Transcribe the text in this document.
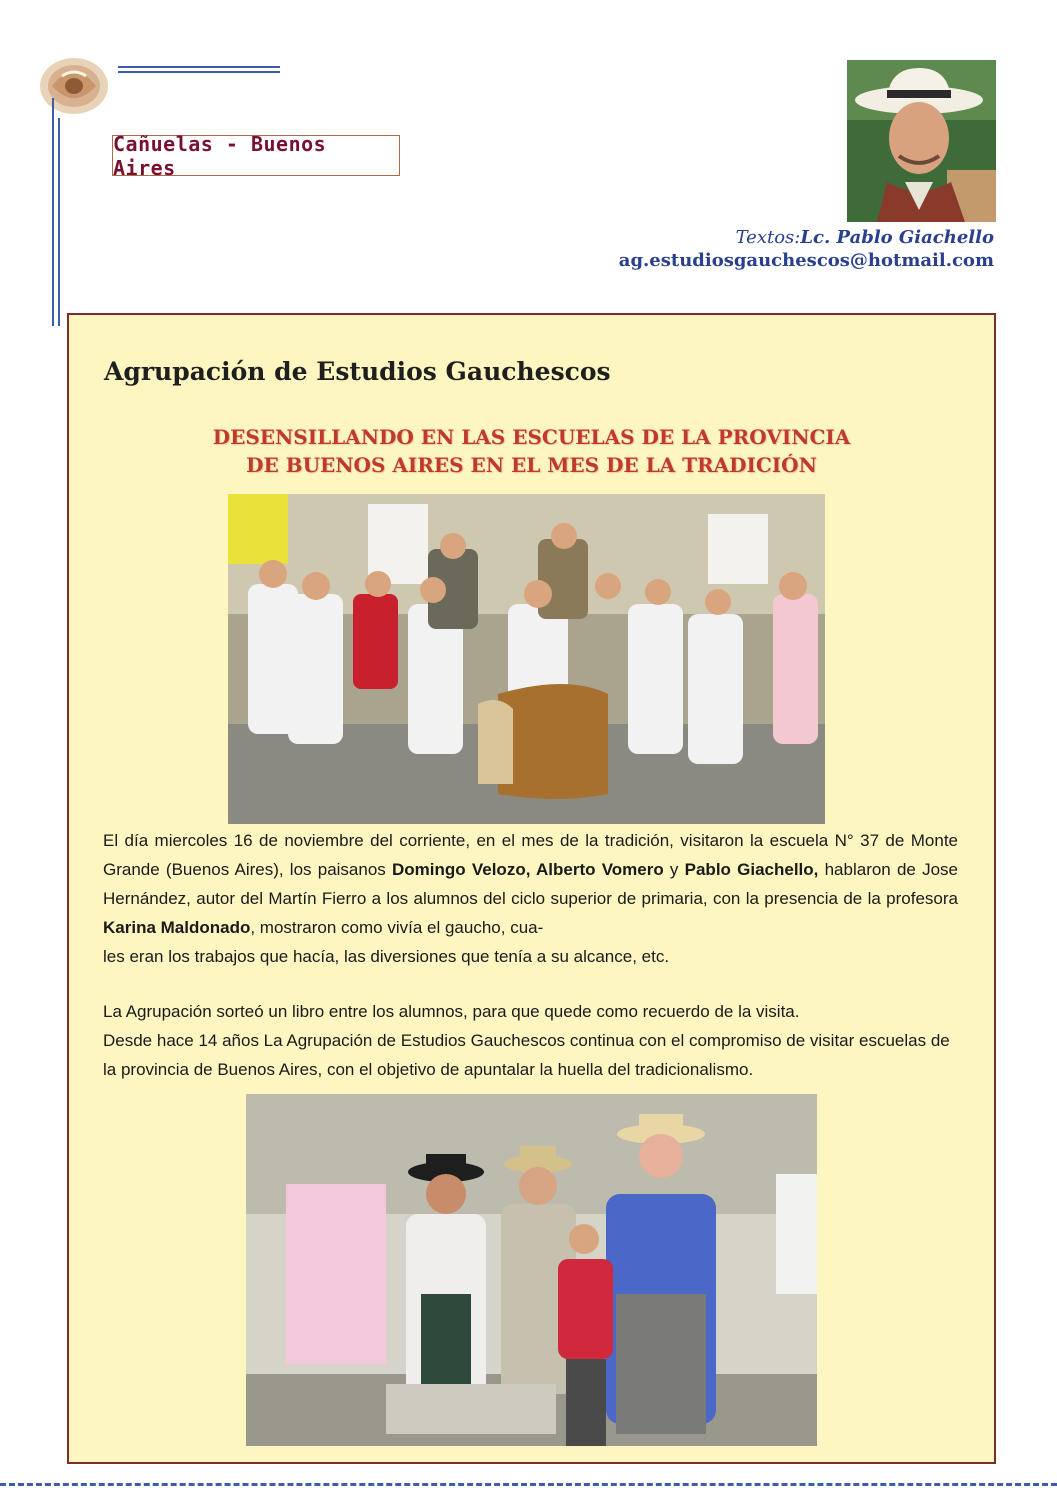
Cañuelas - Buenos Aires
Textos:Lc. Pablo Giachello
ag.estudiosgauchescos@hotmail.com
Agrupación de Estudios Gauchescos
DESENSILLANDO EN LAS ESCUELAS DE LA PROVINCIA
DE BUENOS AIRES EN EL MES DE LA TRADICIÓN

El día miercoles 16 de noviembre del corriente, en el mes de la tradición, visitaron la escuela N° 37 de Monte Grande (Buenos Aires), los paisanos Domingo Velozo, Alberto Vomero y Pablo Giachello, hablaron de Jose Hernández, autor del Martín Fierro a los alumnos del ciclo superior de primaria, con la presencia de la profesora Karina Maldonado, mostraron como vivía el gaucho, cua-
les eran los trabajos que hacía, las diversiones que tenía a su alcance, etc.

La Agrupación sorteó un libro entre los alumnos, para que quede como recuerdo de la visita.

Desde hace 14 años La Agrupación de Estudios Gauchescos continua con el compromiso de visitar escuelas de la provincia de Buenos Aires, con el objetivo de apuntalar la huella del tradicionalismo.
